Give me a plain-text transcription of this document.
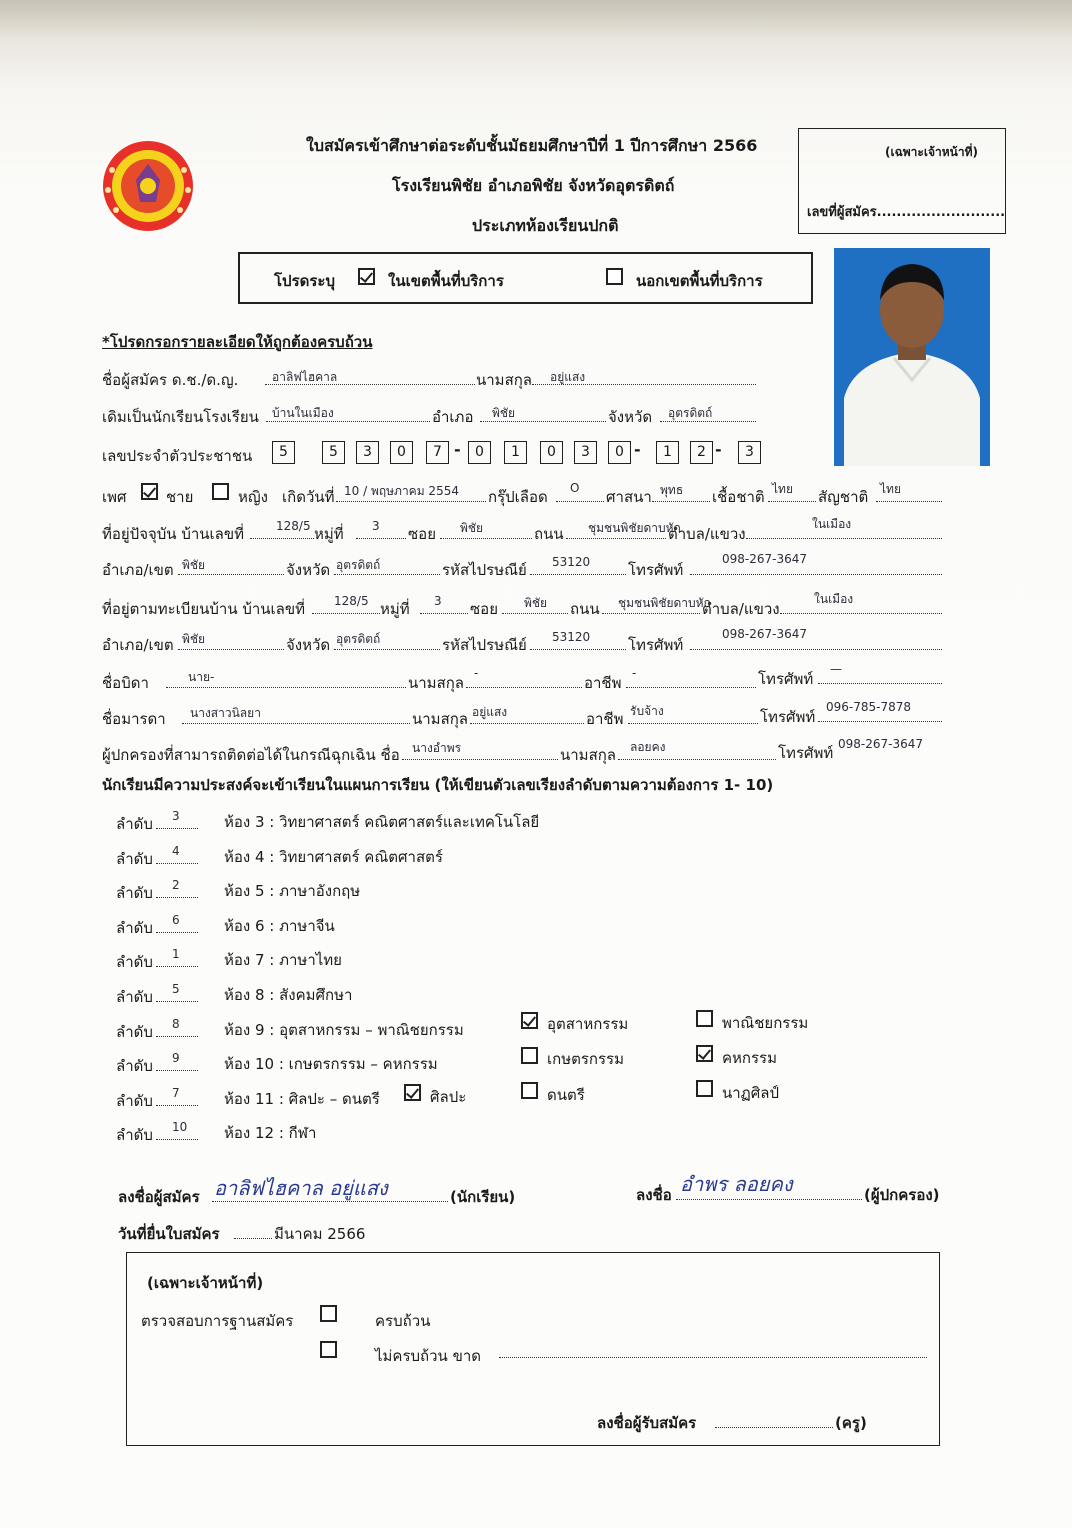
ใบสมัครเข้าศึกษาต่อระดับชั้นมัธยมศึกษาปีที่ 1 ปีการศึกษา 2566
โรงเรียนพิชัย อำเภอพิชัย จังหวัดอุตรดิตถ์
ประเภทห้องเรียนปกติ
(เฉพาะเจ้าหน้าที่)
เลขที่ผู้สมัคร..........................
โปรดระบุ	ในเขตพื้นที่บริการ	นอกเขตพื้นที่บริการ
*โปรดกรอกรายละเอียดให้ถูกต้องครบถ้วน
ชื่อผู้สมัคร ด.ช./ด.ญ.	อาลิฟไฮคาล	นามสกุล อยู่แสง
เดิมเป็นนักเรียนโรงเรียน บ้านในเมือง	อำเภอ พิชัย	จังหวัด อุตรดิตถ์
เลขประจำตัวประชาชน	5	5	3	0	7	0	1	0	3	0	1	2	3
-	-	-
เพศ	ชาย	หญิง เกิดวันที่ 10 / พฤษภาคม 2554 กรุ๊ปเลือด O ศาสนา พุทธ เชื้อชาติ ไทย สัญชาติ ไทย
ที่อยู่ปัจจุบัน บ้านเลขที่	128/5 หมู่ที่ 3 ซอย พิชัย	ถนน ชุมชนพิชัยดาบหัก
ตำบล/แขวง
ในเมือง
อำเภอ/เขต พิชัย	จังหวัด อุตรดิตถ์	รหัสไปรษณีย์ 53120	โทรศัพท์
098-267-3647
ที่อยู่ตามทะเบียนบ้าน บ้านเลขที่ 128/5 หมู่ที่ 3 ซอย พิชัย ถนน ชุมชนพิชัยดาบหัก
ตำบล/แขวง
ในเมือง
อำเภอ/เขต พิชัย	จังหวัด อุตรดิตถ์	รหัสไปรษณีย์ 53120	โทรศัพท์
098-267-3647
ชื่อบิดา	นาย-	นามสกุล
-
อาชีพ
-	โทรศัพท์
—
ชื่อมารดา นางสาวนิลยา	นามสกุล อยู่แสง	อาชีพ รับจ้าง	โทรศัพท์
096-785-7878
ผู้ปกครองที่สามารถติดต่อได้ในกรณีฉุกเฉิน ชื่อ นางอำพร	นามสกุล ลอยคง	โทรศัพท์ 098-267-3647
นักเรียนมีความประสงค์จะเข้าเรียนในแผนการเรียน (ให้เขียนตัวเลขเรียงลำดับตามความต้องการ 1- 10)
ลำดับ 3	ห้อง 3 : วิทยาศาสตร์ คณิตศาสตร์และเทคโนโลยี
ลำดับ 4	ห้อง 4 : วิทยาศาสตร์ คณิตศาสตร์
ลำดับ 2	ห้อง 5 : ภาษาอังกฤษ
ลำดับ 6	ห้อง 6 : ภาษาจีน
ลำดับ 1	ห้อง 7 : ภาษาไทย
ลำดับ 5	ห้อง 8 : สังคมศึกษา
ลำดับ 8	ห้อง 9 : อุตสาหกรรม – พาณิชยกรรม
ลำดับ 9	ห้อง 10 : เกษตรกรรม – คหกรรม
ลำดับ 7	ห้อง 11 : ศิลปะ – ดนตรี
ลำดับ 10 ห้อง 12 : กีฬา
อุตสาหกรรม	พาณิชยกรรม
เกษตรกรรม	คหกรรม
ศิลปะ	ดนตรี	นาฏศิลป์
ลงชื่อผู้สมัคร อาลิฟไฮคาล อยู่แสง	(นักเรียน)	ลงชื่อ อำพร ลอยคง	(ผู้ปกครอง)
วันที่ยื่นใบสมัคร	มีนาคม 2566
(เฉพาะเจ้าหน้าที่)
ตรวจสอบการฐานสมัคร	ครบถ้วน
ไม่ครบถ้วน ขาด
ลงชื่อผู้รับสมัคร	(ครู)
